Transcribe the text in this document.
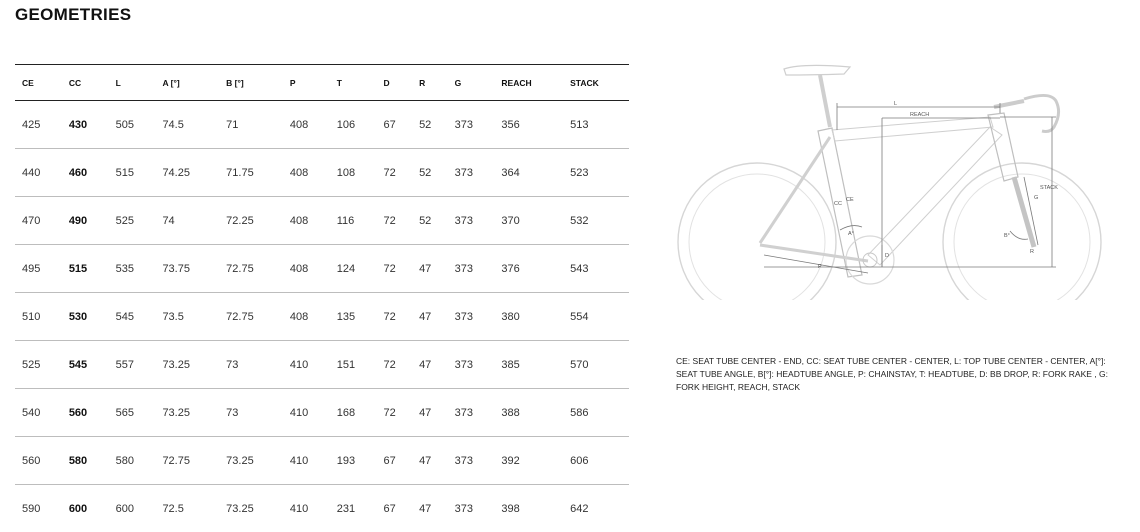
GEOMETRIES
CE	CC	L	A [°]	B [°]	P	T	D	R	G	REACH	STACK
425	430	505	74.5	71	408	106	67	52	373	356	513
440	460	515	74.25	71.75	408	108	72	52	373	364	523
470	490	525	74	72.25	408	116	72	52	373	370	532
495	515	535	73.75	72.75	408	124	72	47	373	376	543
510	530	545	73.5	72.75	408	135	72	47	373	380	554
525	545	557	73.25	73	410	151	72	47	373	385	570
540	560	565	73.25	73	410	168	72	47	373	388	586
560	580	580	72.75	73.25	410	193	67	47	373	392	606
590	600	600	72.5	73.25	410	231	67	47	373	398	642
L
REACH
STACK
CC
CE
A°	B°
D
P
G
R
CE: SEAT TUBE CENTER - END, CC: SEAT TUBE CENTER - CENTER, L: TOP TUBE CENTER - CENTER, A[°]: SEAT TUBE ANGLE, B[°]: HEADTUBE ANGLE, P: CHAINSTAY, T: HEADTUBE, D: BB DROP, R: FORK RAKE , G: FORK HEIGHT, REACH, STACK
